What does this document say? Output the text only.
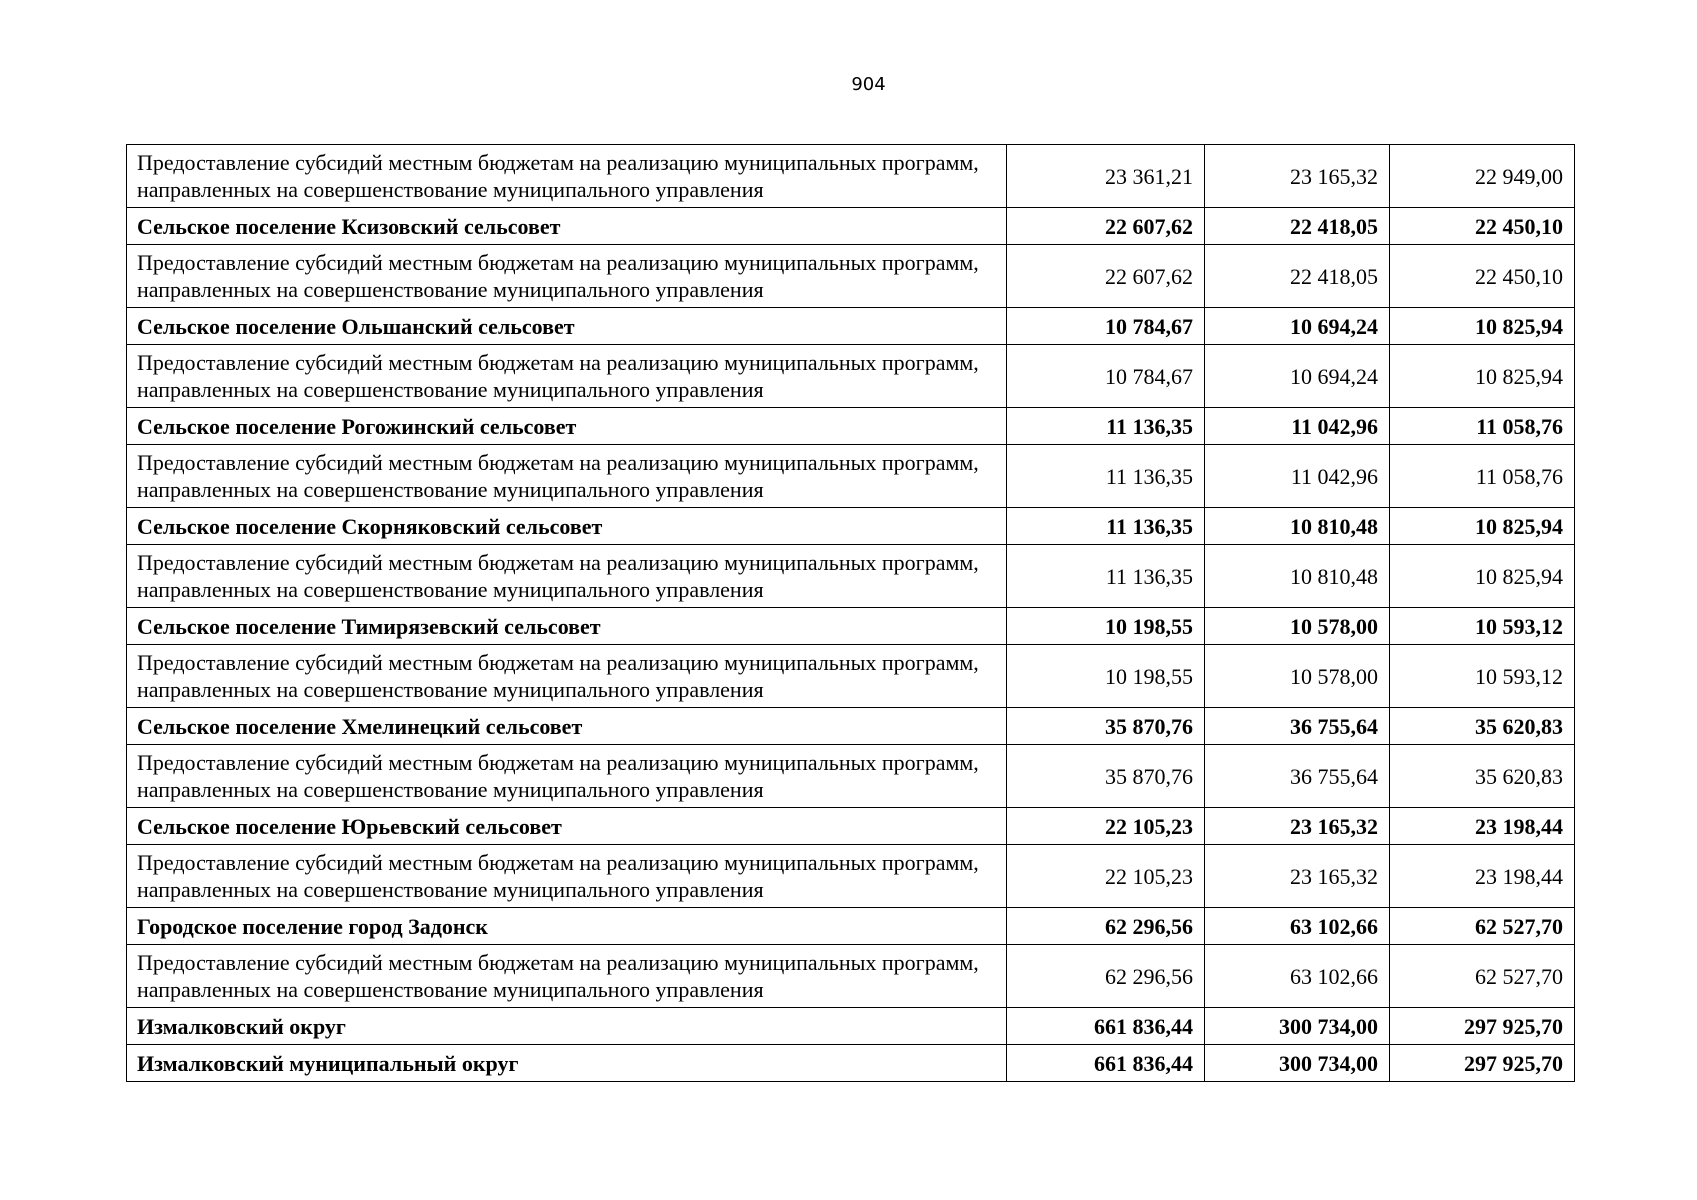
904
Предоставление субсидий местным бюджетам на реализацию муниципальных программ, направленных на совершенствование муниципального управления	23 361,21	23 165,32	22 949,00
Сельское поселение Ксизовский сельсовет	22 607,62	22 418,05	22 450,10
Предоставление субсидий местным бюджетам на реализацию муниципальных программ, направленных на совершенствование муниципального управления	22 607,62	22 418,05	22 450,10
Сельское поселение Ольшанский сельсовет	10 784,67	10 694,24	10 825,94
Предоставление субсидий местным бюджетам на реализацию муниципальных программ, направленных на совершенствование муниципального управления	10 784,67	10 694,24	10 825,94
Сельское поселение Рогожинский сельсовет	11 136,35	11 042,96	11 058,76
Предоставление субсидий местным бюджетам на реализацию муниципальных программ, направленных на совершенствование муниципального управления	11 136,35	11 042,96	11 058,76
Сельское поселение Скорняковский сельсовет	11 136,35	10 810,48	10 825,94
Предоставление субсидий местным бюджетам на реализацию муниципальных программ, направленных на совершенствование муниципального управления	11 136,35	10 810,48	10 825,94
Сельское поселение Тимирязевский сельсовет	10 198,55	10 578,00	10 593,12
Предоставление субсидий местным бюджетам на реализацию муниципальных программ, направленных на совершенствование муниципального управления	10 198,55	10 578,00	10 593,12
Сельское поселение Хмелинецкий сельсовет	35 870,76	36 755,64	35 620,83
Предоставление субсидий местным бюджетам на реализацию муниципальных программ, направленных на совершенствование муниципального управления	35 870,76	36 755,64	35 620,83
Сельское поселение Юрьевский сельсовет	22 105,23	23 165,32	23 198,44
Предоставление субсидий местным бюджетам на реализацию муниципальных программ, направленных на совершенствование муниципального управления	22 105,23	23 165,32	23 198,44
Городское поселение город Задонск	62 296,56	63 102,66	62 527,70
Предоставление субсидий местным бюджетам на реализацию муниципальных программ, направленных на совершенствование муниципального управления	62 296,56	63 102,66	62 527,70
Измалковский округ	661 836,44	300 734,00	297 925,70
Измалковский муниципальный округ	661 836,44	300 734,00	297 925,70
